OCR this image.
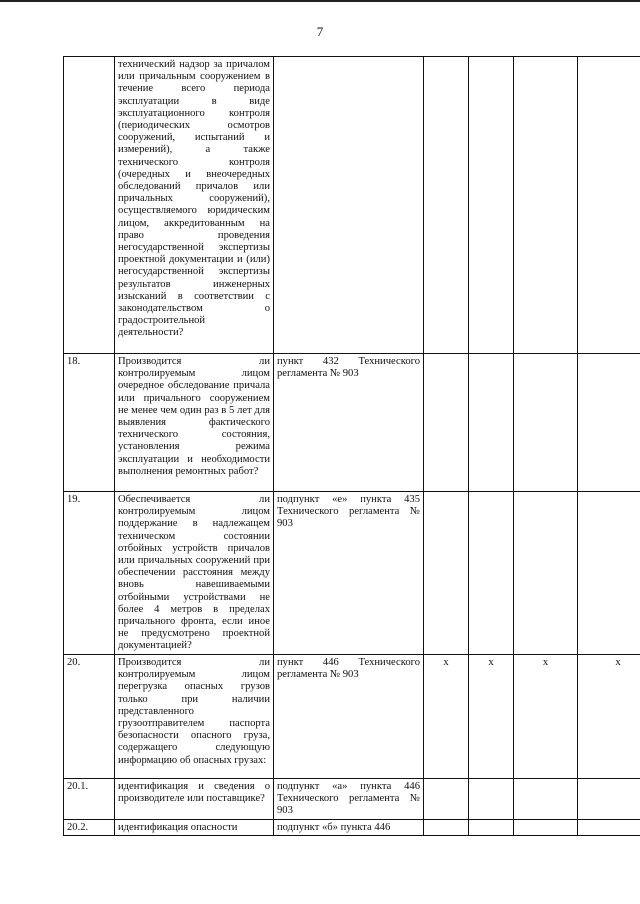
7
	технический надзор за причалом или причальным сооружением в течение всего периода эксплуатации в виде эксплуатационного контроля (периодических осмотров сооружений, испытаний и измерений), а также технического контроля (очередных и внеочередных обследований причалов или причальных сооружений), осуществляемого юридическим лицом, аккредитованным на право проведения негосударственной экспертизы проектной документации и (или) негосударственной экспертизы результатов инженерных изысканий в соответствии с законодательством о градостроительной деятельности?					
18.	Производится ли контролируемым лицом очередное обследование причала или причального сооружением не менее чем один раз в 5 лет для выявления фактического технического состояния, установления режима эксплуатации и необходимости выполнения ремонтных работ?	пункт 432 Технического регламента № 903				
19.	Обеспечивается ли контролируемым лицом поддержание в надлежащем техническом состоянии отбойных устройств причалов или причальных сооружений при обеспечении расстояния между вновь навешиваемыми отбойными устройствами не более 4 метров в пределах причального фронта, если иное не предусмотрено проектной документацией?	подпункт «е» пункта 435 Технического регламента № 903				
20.	Производится ли контролируемым лицом перегрузка опасных грузов только при наличии представленного грузоотправителем паспорта безопасности опасного груза, содержащего следующую информацию об опасных грузах:	пункт 446 Технического регламента № 903	x	x	x	x
20.1.	идентификация и сведения о производителе или поставщике?	подпункт «а» пункта 446 Технического регламента № 903				
20.2.	идентификация опасности	подпункт «б» пункта 446				
